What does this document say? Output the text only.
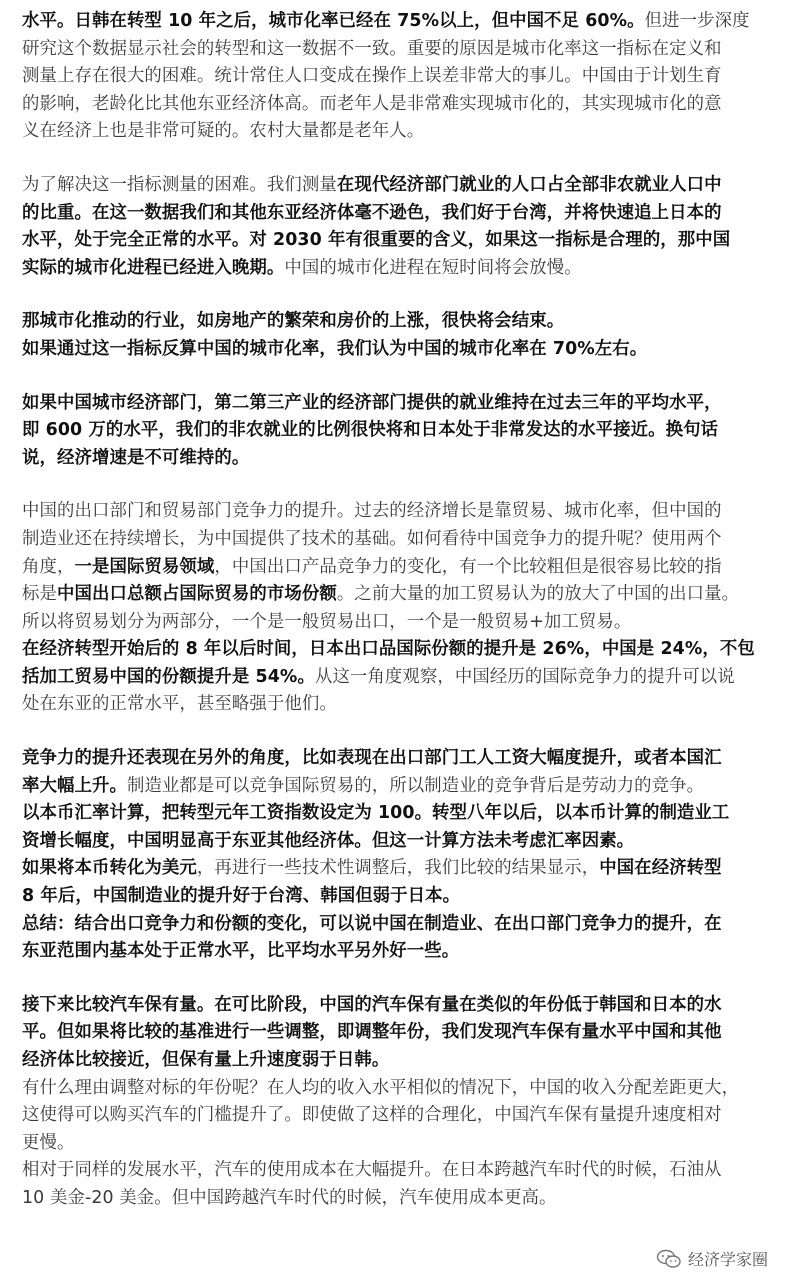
水平。日韩在转型 10 年之后，城市化率已经在 75%以上，但中国不足 60%。但进一步深度
研究这个数据显示社会的转型和这一数据不一致。重要的原因是城市化率这一指标在定义和
测量上存在很大的困难。统计常住人口变成在操作上误差非常大的事儿。中国由于计划生育
的影响，老龄化比其他东亚经济体高。而老年人是非常难实现城市化的，其实现城市化的意
义在经济上也是非常可疑的。农村大量都是老年人。

为了解决这一指标测量的困难。我们测量在现代经济部门就业的人口占全部非农就业人口中
的比重。在这一数据我们和其他东亚经济体毫不逊色，我们好于台湾，并将快速追上日本的
水平，处于完全正常的水平。对 2030 年有很重要的含义，如果这一指标是合理的，那中国
实际的城市化进程已经进入晚期。中国的城市化进程在短时间将会放慢。

那城市化推动的行业，如房地产的繁荣和房价的上涨，很快将会结束。
如果通过这一指标反算中国的城市化率，我们认为中国的城市化率在 70%左右。

如果中国城市经济部门，第二第三产业的经济部门提供的就业维持在过去三年的平均水平，
即 600 万的水平，我们的非农就业的比例很快将和日本处于非常发达的水平接近。换句话
说，经济增速是不可维持的。

中国的出口部门和贸易部门竞争力的提升。过去的经济增长是靠贸易、城市化率，但中国的
制造业还在持续增长，为中国提供了技术的基础。如何看待中国竞争力的提升呢？使用两个
角度，一是国际贸易领域，中国出口产品竞争力的变化，有一个比较粗但是很容易比较的指
标是中国出口总额占国际贸易的市场份额。之前大量的加工贸易认为的放大了中国的出口量。
所以将贸易划分为两部分，一个是一般贸易出口，一个是一般贸易+加工贸易。
在经济转型开始后的 8 年以后时间，日本出口品国际份额的提升是 26%，中国是 24%，不包
括加工贸易中国的份额提升是 54%。从这一角度观察，中国经历的国际竞争力的提升可以说
处在东亚的正常水平，甚至略强于他们。

竞争力的提升还表现在另外的角度，比如表现在出口部门工人工资大幅度提升，或者本国汇
率大幅上升。制造业都是可以竞争国际贸易的，所以制造业的竞争背后是劳动力的竞争。
以本币汇率计算，把转型元年工资指数设定为 100。转型八年以后，以本币计算的制造业工
资增长幅度，中国明显高于东亚其他经济体。但这一计算方法未考虑汇率因素。
如果将本币转化为美元，再进行一些技术性调整后，我们比较的结果显示，中国在经济转型
8 年后，中国制造业的提升好于台湾、韩国但弱于日本。
总结：结合出口竞争力和份额的变化，可以说中国在制造业、在出口部门竞争力的提升，在
东亚范围内基本处于正常水平，比平均水平另外好一些。

接下来比较汽车保有量。在可比阶段，中国的汽车保有量在类似的年份低于韩国和日本的水
平。但如果将比较的基准进行一些调整，即调整年份，我们发现汽车保有量水平中国和其他
经济体比较接近，但保有量上升速度弱于日韩。
有什么理由调整对标的年份呢？在人均的收入水平相似的情况下，中国的收入分配差距更大，
这使得可以购买汽车的门槛提升了。即使做了这样的合理化，中国汽车保有量提升速度相对
更慢。
相对于同样的发展水平，汽车的使用成本在大幅提升。在日本跨越汽车时代的时候，石油从
10 美金-20 美金。但中国跨越汽车时代的时候，汽车使用成本更高。

经济学家圈
